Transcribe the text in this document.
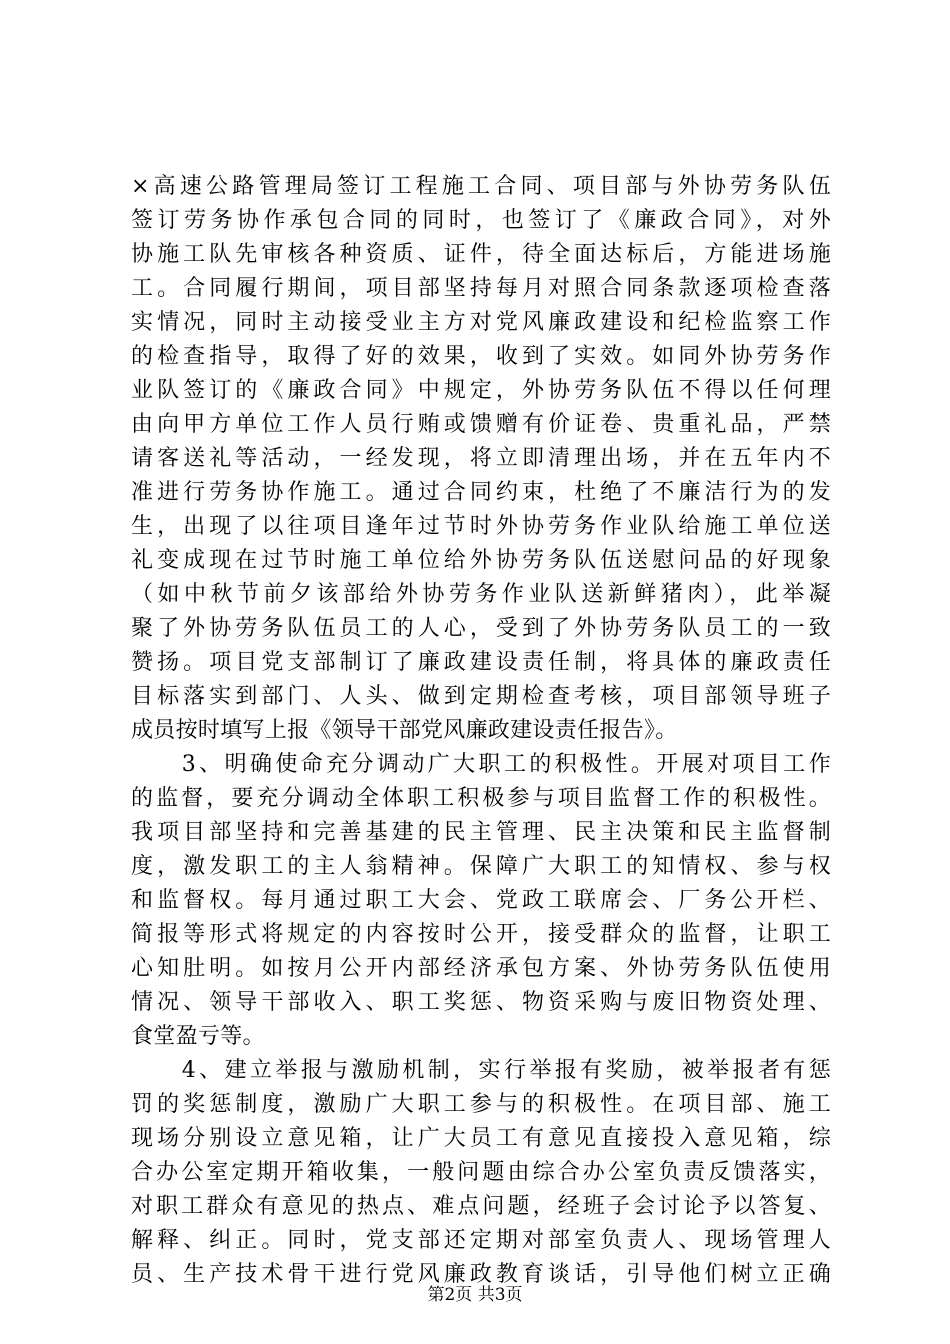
×高速公路管理局签订工程施工合同、项目部与外协劳务队伍
签订劳务协作承包合同的同时，也签订了《廉政合同》，对外
协施工队先审核各种资质、证件，待全面达标后，方能进场施
工。合同履行期间，项目部坚持每月对照合同条款逐项检查落
实情况，同时主动接受业主方对党风廉政建设和纪检监察工作
的检查指导，取得了好的效果，收到了实效。如同外协劳务作
业队签订的《廉政合同》中规定，外协劳务队伍不得以任何理
由向甲方单位工作人员行贿或馈赠有价证卷、贵重礼品，严禁
请客送礼等活动，一经发现，将立即清理出场，并在五年内不
准进行劳务协作施工。通过合同约束，杜绝了不廉洁行为的发
生，出现了以往项目逢年过节时外协劳务作业队给施工单位送
礼变成现在过节时施工单位给外协劳务队伍送慰问品的好现象
（如中秋节前夕该部给外协劳务作业队送新鲜猪肉），此举凝
聚了外协劳务队伍员工的人心，受到了外协劳务队员工的一致
赞扬。项目党支部制订了廉政建设责任制，将具体的廉政责任
目标落实到部门、人头、做到定期检查考核，项目部领导班子
成员按时填写上报《领导干部党风廉政建设责任报告》。
　　3、明确使命充分调动广大职工的积极性。开展对项目工作
的监督，要充分调动全体职工积极参与项目监督工作的积极性。
我项目部坚持和完善基建的民主管理、民主决策和民主监督制
度，激发职工的主人翁精神。保障广大职工的知情权、参与权
和监督权。每月通过职工大会、党政工联席会、厂务公开栏、
简报等形式将规定的内容按时公开，接受群众的监督，让职工
心知肚明。如按月公开内部经济承包方案、外协劳务队伍使用
情况、领导干部收入、职工奖惩、物资采购与废旧物资处理、
食堂盈亏等。
　　4、建立举报与激励机制，实行举报有奖励，被举报者有惩
罚的奖惩制度，激励广大职工参与的积极性。在项目部、施工
现场分别设立意见箱，让广大员工有意见直接投入意见箱，综
合办公室定期开箱收集，一般问题由综合办公室负责反馈落实，
对职工群众有意见的热点、难点问题，经班子会讨论予以答复、
解释、纠正。同时，党支部还定期对部室负责人、现场管理人
员、生产技术骨干进行党风廉政教育谈话，引导他们树立正确
第2页 共3页
